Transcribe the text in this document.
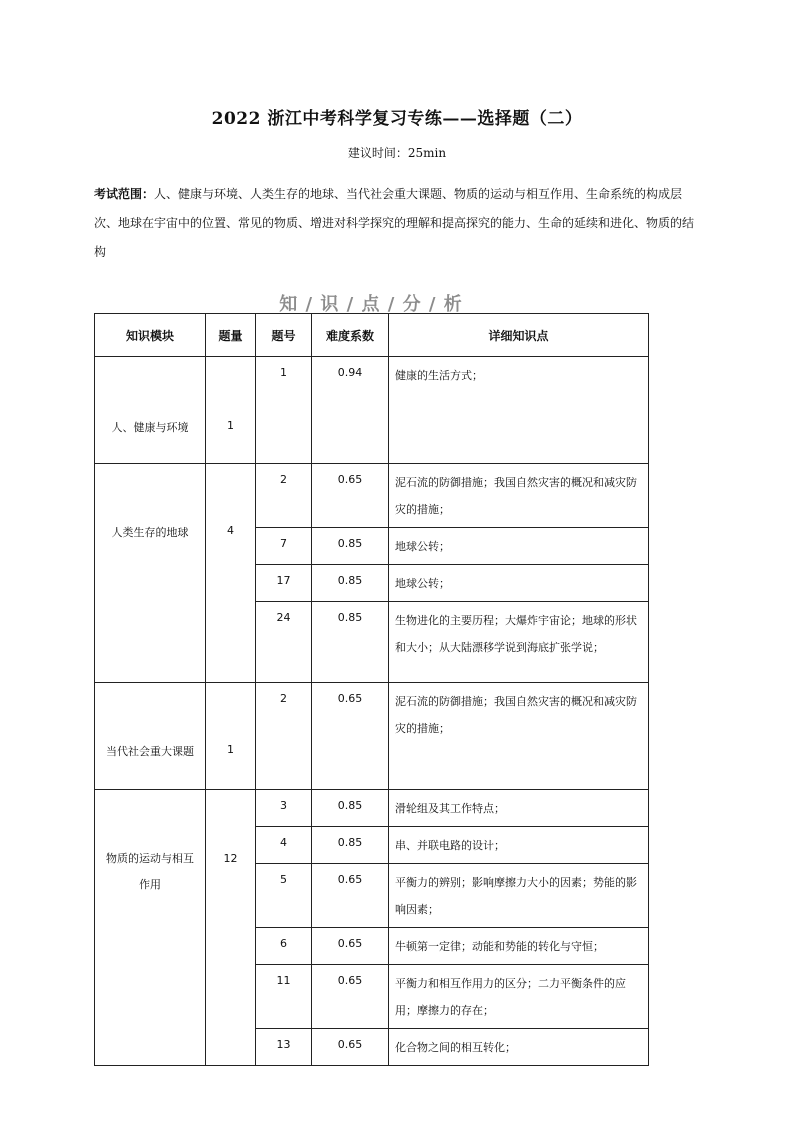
2022 浙江中考科学复习专练——选择题（二）
建议时间：25min
考试范围：人、健康与环境、人类生存的地球、当代社会重大课题、物质的运动与相互作用、生命系统的构成层次、地球在宇宙中的位置、常见的物质、增进对科学探究的理解和提高探究的能力、生命的延续和进化、物质的结构
知 / 识 / 点 / 分 / 析
知识模块	题量	题号	难度系数	详细知识点
人、健康与环境	1	1	0.94	健康的生活方式；
人类生存的地球	4	2	0.65	泥石流的防御措施；我国自然灾害的概况和减灾防灾的措施；
		7	0.85	地球公转；
		17	0.85	地球公转；
		24	0.85	生物进化的主要历程；大爆炸宇宙论；地球的形状和大小；从大陆漂移学说到海底扩张学说；
当代社会重大课题	1	2	0.65	泥石流的防御措施；我国自然灾害的概况和减灾防灾的措施；
物质的运动与相互作用	12	3	0.85	滑轮组及其工作特点；
		4	0.85	串、并联电路的设计；
		5	0.65	平衡力的辨别；影响摩擦力大小的因素；势能的影响因素；
		6	0.65	牛顿第一定律；动能和势能的转化与守恒；
		11	0.65	平衡力和相互作用力的区分；二力平衡条件的应用；摩擦力的存在；
		13	0.65	化合物之间的相互转化；
